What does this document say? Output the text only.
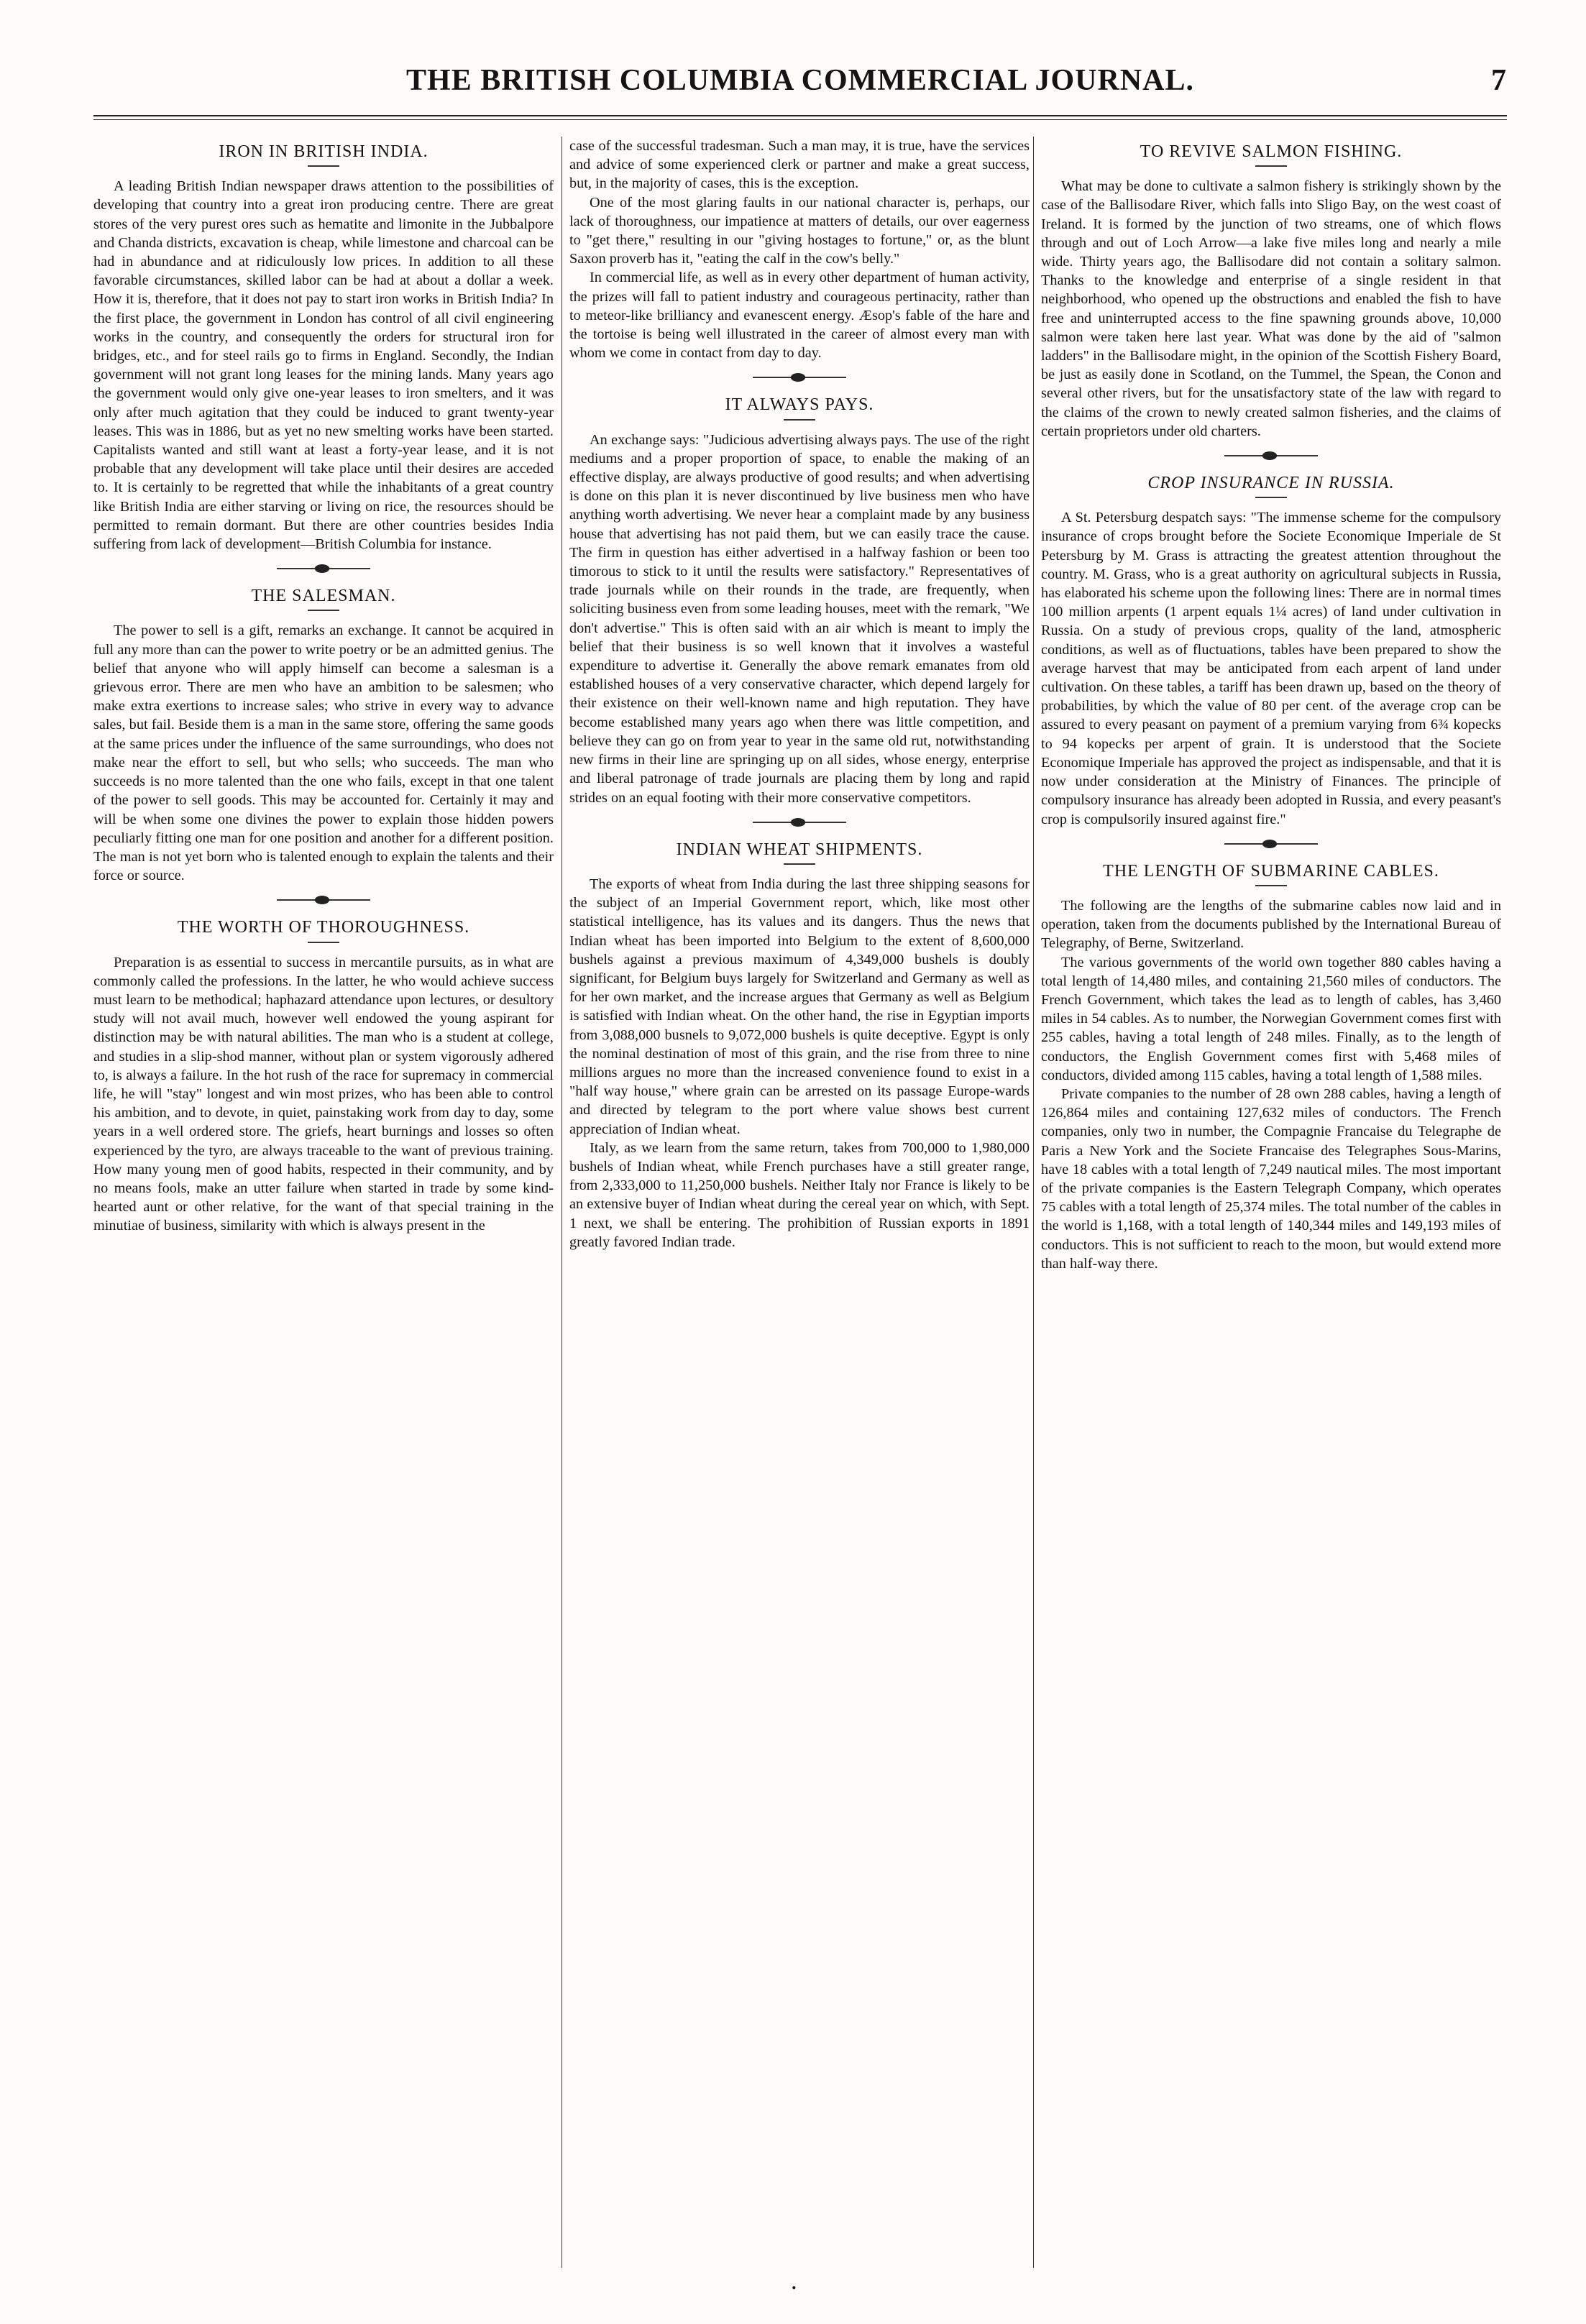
THE BRITISH COLUMBIA COMMERCIAL JOURNAL.	7
IRON IN BRITISH INDIA.

A leading British Indian newspaper draws attention to the possibilities of developing that country into a great iron producing centre. There are great stores of the very purest ores such as hematite and limonite in the Jubbalpore and Chanda districts, excavation is cheap, while limestone and charcoal can be had in abundance and at ridiculously low prices. In addition to all these favorable circumstances, skilled labor can be had at about a dollar a week. How it is, therefore, that it does not pay to start iron works in British India? In the first place, the government in London has control of all civil engineering works in the country, and consequently the orders for structural iron for bridges, etc., and for steel rails go to firms in England. Secondly, the Indian government will not grant long leases for the mining lands. Many years ago the government would only give one-year leases to iron smelters, and it was only after much agitation that they could be induced to grant twenty-year leases. This was in 1886, but as yet no new smelting works have been started. Capitalists wanted and still want at least a forty-year lease, and it is not probable that any development will take place until their desires are acceded to. It is certainly to be regretted that while the inhabitants of a great country like British India are either starving or living on rice, the resources should be permitted to remain dormant. But there are other countries besides India suffering from lack of development—British Columbia for instance.

THE SALESMAN.

The power to sell is a gift, remarks an exchange. It cannot be acquired in full any more than can the power to write poetry or be an admitted genius. The belief that anyone who will apply himself can become a salesman is a grievous error. There are men who have an ambition to be salesmen; who make extra exertions to increase sales; who strive in every way to advance sales, but fail. Beside them is a man in the same store, offering the same goods at the same prices under the influence of the same surroundings, who does not make near the effort to sell, but who sells; who succeeds. The man who succeeds is no more talented than the one who fails, except in that one talent of the power to sell goods. This may be accounted for. Certainly it may and will be when some one divines the power to explain those hidden powers peculiarly fitting one man for one position and another for a different position. The man is not yet born who is talented enough to explain the talents and their force or source.

THE WORTH OF THOROUGHNESS.

Preparation is as essential to success in mercantile pursuits, as in what are commonly called the professions. In the latter, he who would achieve success must learn to be methodical; haphazard attendance upon lectures, or desultory study will not avail much, however well endowed the young aspirant for distinction may be with natural abilities. The man who is a student at college, and studies in a slip-shod manner, without plan or system vigorously adhered to, is always a failure. In the hot rush of the race for supremacy in commercial life, he will "stay" longest and win most prizes, who has been able to control his ambition, and to devote, in quiet, painstaking work from day to day, some years in a well ordered store. The griefs, heart burnings and losses so often experienced by the tyro, are always traceable to the want of previous training. How many young men of good habits, respected in their community, and by no means fools, make an utter failure when started in trade by some kind-hearted aunt or other relative, for the want of that special training in the minutiae of business, similarity with which is always present in the

case of the successful tradesman. Such a man may, it is true, have the services and advice of some experienced clerk or partner and make a great success, but, in the majority of cases, this is the exception.

One of the most glaring faults in our national character is, perhaps, our lack of thoroughness, our impatience at matters of details, our over eagerness to "get there," resulting in our "giving hostages to fortune," or, as the blunt Saxon proverb has it, "eating the calf in the cow's belly."

In commercial life, as well as in every other department of human activity, the prizes will fall to patient industry and courageous pertinacity, rather than to meteor-like brilliancy and evanescent energy. Æsop's fable of the hare and the tortoise is being well illustrated in the career of almost every man with whom we come in contact from day to day.

IT ALWAYS PAYS.

An exchange says: "Judicious advertising always pays. The use of the right mediums and a proper proportion of space, to enable the making of an effective display, are always productive of good results; and when advertising is done on this plan it is never discontinued by live business men who have anything worth advertising. We never hear a complaint made by any business house that advertising has not paid them, but we can easily trace the cause. The firm in question has either advertised in a halfway fashion or been too timorous to stick to it until the results were satisfactory." Representatives of trade journals while on their rounds in the trade, are frequently, when soliciting business even from some leading houses, meet with the remark, "We don't advertise." This is often said with an air which is meant to imply the belief that their business is so well known that it involves a wasteful expenditure to advertise it. Generally the above remark emanates from old established houses of a very conservative character, which depend largely for their existence on their well-known name and high reputation. They have become established many years ago when there was little competition, and believe they can go on from year to year in the same old rut, notwithstanding new firms in their line are springing up on all sides, whose energy, enterprise and liberal patronage of trade journals are placing them by long and rapid strides on an equal footing with their more conservative competitors.

INDIAN WHEAT SHIPMENTS.

The exports of wheat from India during the last three shipping seasons for the subject of an Imperial Government report, which, like most other statistical intelligence, has its values and its dangers. Thus the news that Indian wheat has been imported into Belgium to the extent of 8,600,000 bushels against a previous maximum of 4,349,000 bushels is doubly significant, for Belgium buys largely for Switzerland and Germany as well as for her own market, and the increase argues that Germany as well as Belgium is satisfied with Indian wheat. On the other hand, the rise in Egyptian imports from 3,088,000 busnels to 9,072,000 bushels is quite deceptive. Egypt is only the nominal destination of most of this grain, and the rise from three to nine millions argues no more than the increased convenience found to exist in a "half way house," where grain can be arrested on its passage Europe-wards and directed by telegram to the port where value shows best current appreciation of Indian wheat.

Italy, as we learn from the same return, takes from 700,000 to 1,980,000 bushels of Indian wheat, while French purchases have a still greater range, from 2,333,000 to 11,250,000 bushels. Neither Italy nor France is likely to be an extensive buyer of Indian wheat during the cereal year on which, with Sept. 1 next, we shall be entering. The prohibition of Russian exports in 1891 greatly favored Indian trade.

TO REVIVE SALMON FISHING.

What may be done to cultivate a salmon fishery is strikingly shown by the case of the Ballisodare River, which falls into Sligo Bay, on the west coast of Ireland. It is formed by the junction of two streams, one of which flows through and out of Loch Arrow—a lake five miles long and nearly a mile wide. Thirty years ago, the Ballisodare did not contain a solitary salmon. Thanks to the knowledge and enterprise of a single resident in that neighborhood, who opened up the obstructions and enabled the fish to have free and uninterrupted access to the fine spawning grounds above, 10,000 salmon were taken here last year. What was done by the aid of "salmon ladders" in the Ballisodare might, in the opinion of the Scottish Fishery Board, be just as easily done in Scotland, on the Tummel, the Spean, the Conon and several other rivers, but for the unsatisfactory state of the law with regard to the claims of the crown to newly created salmon fisheries, and the claims of certain proprietors under old charters.

CROP INSURANCE IN RUSSIA.

A St. Petersburg despatch says: "The immense scheme for the compulsory insurance of crops brought before the Societe Economique Imperiale de St Petersburg by M. Grass is attracting the greatest attention throughout the country. M. Grass, who is a great authority on agricultural subjects in Russia, has elaborated his scheme upon the following lines: There are in normal times 100 million arpents (1 arpent equals 1¼ acres) of land under cultivation in Russia. On a study of previous crops, quality of the land, atmospheric conditions, as well as of fluctuations, tables have been prepared to show the average harvest that may be anticipated from each arpent of land under cultivation. On these tables, a tariff has been drawn up, based on the theory of probabilities, by which the value of 80 per cent. of the average crop can be assured to every peasant on payment of a premium varying from 6¾ kopecks to 94 kopecks per arpent of grain. It is understood that the Societe Economique Imperiale has approved the project as indispensable, and that it is now under consideration at the Ministry of Finances. The principle of compulsory insurance has already been adopted in Russia, and every peasant's crop is compulsorily insured against fire."

THE LENGTH OF SUBMARINE CABLES.

The following are the lengths of the submarine cables now laid and in operation, taken from the documents published by the International Bureau of Telegraphy, of Berne, Switzerland.

The various governments of the world own together 880 cables having a total length of 14,480 miles, and containing 21,560 miles of conductors. The French Government, which takes the lead as to length of cables, has 3,460 miles in 54 cables. As to number, the Norwegian Government comes first with 255 cables, having a total length of 248 miles. Finally, as to the length of conductors, the English Government comes first with 5,468 miles of conductors, divided among 115 cables, having a total length of 1,588 miles.

Private companies to the number of 28 own 288 cables, having a length of 126,864 miles and containing 127,632 miles of conductors. The French companies, only two in number, the Compagnie Francaise du Telegraphe de Paris a New York and the Societe Francaise des Telegraphes Sous-Marins, have 18 cables with a total length of 7,249 nautical miles. The most important of the private companies is the Eastern Telegraph Company, which operates 75 cables with a total length of 25,374 miles. The total number of the cables in the world is 1,168, with a total length of 140,344 miles and 149,193 miles of conductors. This is not sufficient to reach to the moon, but would extend more than half-way there.

·
